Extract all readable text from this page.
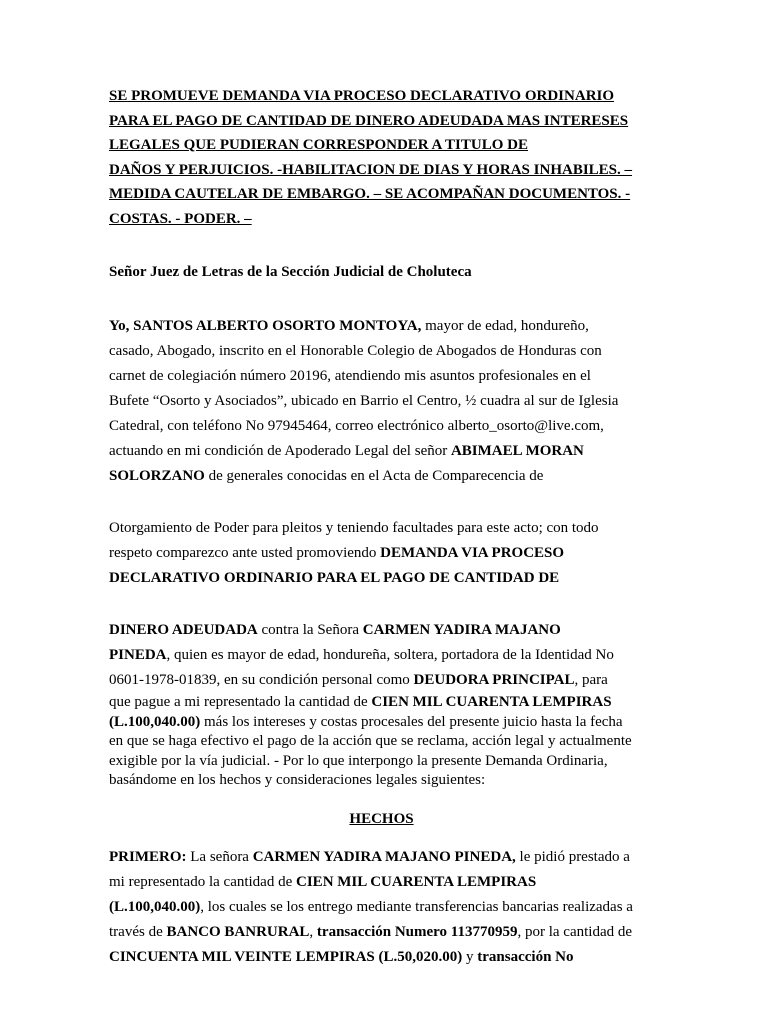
SE PROMUEVE DEMANDA VIA PROCESO DECLARATIVO ORDINARIO
PARA EL PAGO DE CANTIDAD DE DINERO ADEUDADA MAS INTERESES
LEGALES QUE PUDIERAN CORRESPONDER A TITULO DE
DAÑOS Y PERJUICIOS. -HABILITACION DE DIAS Y HORAS INHABILES. –
MEDIDA CAUTELAR DE EMBARGO. – SE ACOMPAÑAN DOCUMENTOS. -
COSTAS. - PODER. –
Señor Juez de Letras de la Sección Judicial de Choluteca

Yo, SANTOS ALBERTO OSORTO MONTOYA, mayor de edad, hondureño,
casado, Abogado, inscrito en el Honorable Colegio de Abogados de Honduras con
carnet de colegiación número 20196, atendiendo mis asuntos profesionales en el
Bufete “Osorto y Asociados”, ubicado en Barrio el Centro, ½ cuadra al sur de Iglesia
Catedral, con teléfono No 97945464, correo electrónico alberto_osorto@live.com,
actuando en mi condición de Apoderado Legal del señor ABIMAEL MORAN
SOLORZANO de generales conocidas en el Acta de Comparecencia de

Otorgamiento de Poder para pleitos y teniendo facultades para este acto; con todo
respeto comparezco ante usted promoviendo DEMANDA VIA PROCESO
DECLARATIVO ORDINARIO PARA EL PAGO DE CANTIDAD DE

DINERO ADEUDADA contra la Señora CARMEN YADIRA MAJANO
PINEDA, quien es mayor de edad, hondureña, soltera, portadora de la Identidad No
0601-1978-01839, en su condición personal como DEUDORA PRINCIPAL, para
que pague a mi representado la cantidad de CIEN MIL CUARENTA LEMPIRAS
(L.100,040.00) más los intereses y costas procesales del presente juicio hasta la fecha
en que se haga efectivo el pago de la acción que se reclama, acción legal y actualmente
exigible por la vía judicial. - Por lo que interpongo la presente Demanda Ordinaria,
basándome en los hechos y consideraciones legales siguientes:

HECHOS

PRIMERO: La señora CARMEN YADIRA MAJANO PINEDA, le pidió prestado a
mi representado la cantidad de CIEN MIL CUARENTA LEMPIRAS
(L.100,040.00), los cuales se los entrego mediante transferencias bancarias realizadas a
través de BANCO BANRURAL, transacción Numero 113770959, por la cantidad de
CINCUENTA MIL VEINTE LEMPIRAS (L.50,020.00) y transacción No
